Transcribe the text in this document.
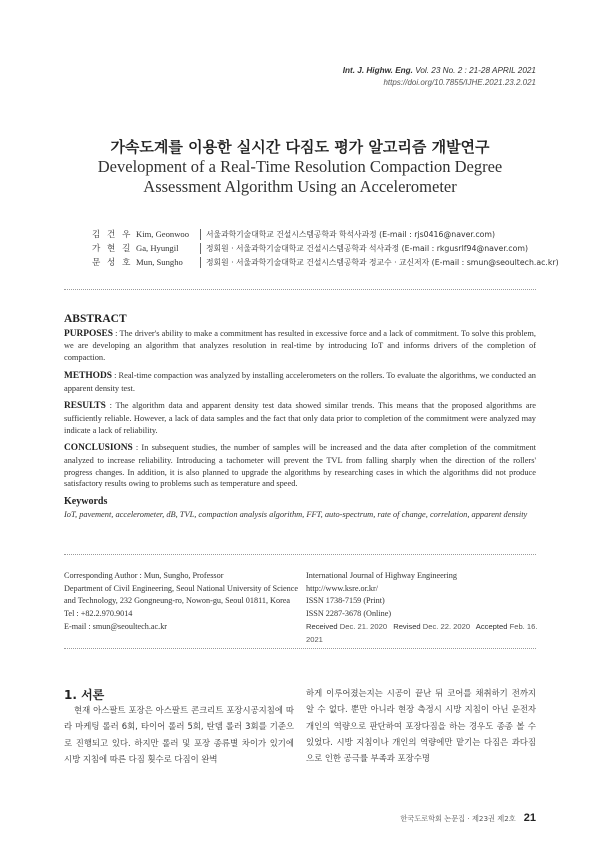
Int. J. Highw. Eng. Vol. 23 No. 2 : 21-28 APRIL 2021
https://doi.org/10.7855/IJHE.2021.23.2.021
가속도계를 이용한 실시간 다짐도 평가 알고리즘 개발연구
Development of a Real-Time Resolution Compaction Degree Assessment Algorithm Using an Accelerometer
김 건 우 Kim, Geonwoo	서울과학기술대학교 건설시스템공학과 학석사과정 (E-mail : rjs0416@naver.com)
가 현 길 Ga, Hyungil	정회원 · 서울과학기술대학교 건설시스템공학과 석사과정 (E-mail : rkgusrlf94@naver.com)
문 성 호 Mun, Sungho	정회원 · 서울과학기술대학교 건설시스템공학과 정교수 · 교신저자 (E-mail : smun@seoultech.ac.kr)
ABSTRACT

PURPOSES : The driver's ability to make a commitment has resulted in excessive force and a lack of commitment. To solve this problem, we are developing an algorithm that analyzes resolution in real-time by introducing IoT and informs drivers of the completion of compaction.

METHODS : Real-time compaction was analyzed by installing accelerometers on the rollers. To evaluate the algorithms, we conducted an apparent density test.

RESULTS : The algorithm data and apparent density test data showed similar trends. This means that the proposed algorithms are sufficiently reliable. However, a lack of data samples and the fact that only data prior to completion of the commitment were analyzed may indicate a lack of reliability.

CONCLUSIONS : In subsequent studies, the number of samples will be increased and the data after completion of the commitment analyzed to increase reliability. Introducing a tachometer will prevent the TVL from falling sharply when the direction of the rollers' progress changes. In addition, it is also planned to upgrade the algorithms by researching cases in which the algorithms did not produce satisfactory results owing to problems such as temperature and speed.

Keywords

IoT, pavement, accelerometer, dB, TVL, compaction analysis algorithm, FFT, auto-spectrum, rate of change, correlation, apparent density

Corresponding Author : Mun, Sungho, Professor
Department of Civil Engineering, Seoul National University of Science
and Technology, 232 Gongneung-ro, Nowon-gu, Seoul 01811, Korea
Tel : +82.2.970.9014
E-mail : smun@seoultech.ac.kr
International Journal of Highway Engineering
http://www.ksre.or.kr/
ISSN 1738-7159 (Print)
ISSN 2287-3678 (Online)
Received Dec. 21. 2020 Revised Dec. 22. 2020 Accepted Feb. 16. 2021
1. 서론

현재 아스팔트 포장은 아스팔트 콘크리트 포장시공지침에 따라 마케팅 롤러 6회, 타이어 롤러 5회, 탄뎀 롤러 3회를 기준으로 진행되고 있다. 하지만 롤러 및 포장 종류별 차이가 있기에 시방 지침에 따른 다짐 횟수로 다짐이 완벽

하게 이루어졌는지는 시공이 끝난 뒤 코어를 채취하기 전까지 알 수 없다. 뿐만 아니라 현장 측정시 시방 지침이 아닌 운전자 개인의 역량으로 판단하여 포장다짐을 하는 경우도 종종 볼 수 있었다. 시방 지침이나 개인의 역량에만 맡기는 다짐은 과다짐으로 인한 공극률 부족과 포장수명

한국도로학회 논문집 · 제23권 제2호 21
